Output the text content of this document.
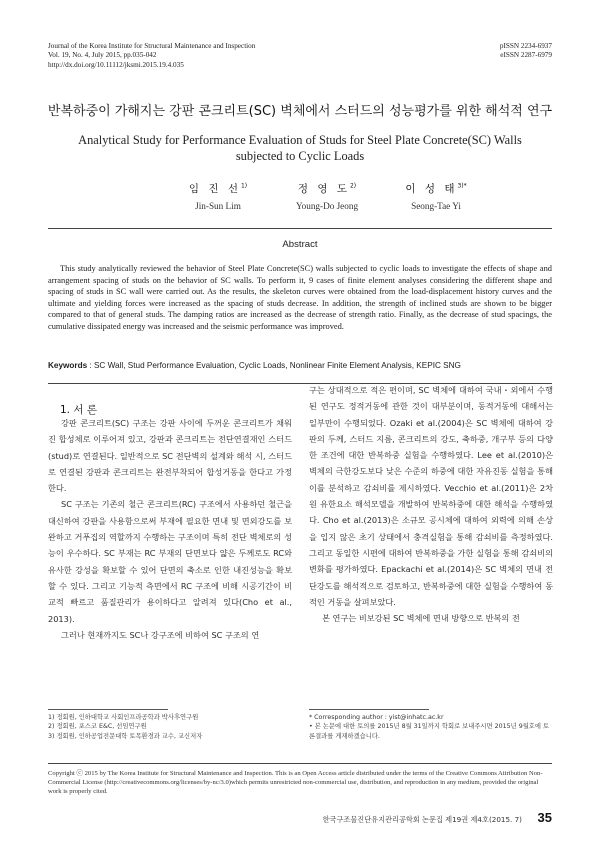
Journal of the Korea Institute for Structural Maintenance and Inspection
Vol. 19, No. 4, July 2015, pp.035-042
http://dx.doi.org/10.11112/jksmi.2015.19.4.035
pISSN 2234-6937
eISSN 2287-6979
반복하중이 가해지는 강판 콘크리트(SC) 벽체에서 스터드의 성능평가를 위한 해석적 연구
Analytical Study for Performance Evaluation of Studs for Steel Plate Concrete(SC) Walls
subjected to Cyclic Loads
임 진 선$^{1)}$
Jin-Sun Lim
정 영 도$^{2)}$
Young-Do Jeong
이 성 태$^{3)*}$
Seong-Tae Yi
Abstract

This study analytically reviewed the behavior of Steel Plate Concrete(SC) walls subjected to cyclic loads to investigate the effects of shape and arrangement spacing of studs on the behavior of SC walls. To perform it, 9 cases of finite element analyses considering the different shape and spacing of studs in SC wall were carried out. As the results, the skeleton curves were obtained from the load-displacement history curves and the ultimate and yielding forces were increased as the spacing of studs decrease. In addition, the strength of inclined studs are shown to be bigger compared to that of general studs. The damping ratios are increased as the decrease of strength ratio. Finally, as the decrease of stud spacings, the cumulative dissipated energy was increased and the seismic performance was improved.

Keywords : SC Wall, Stud Performance Evaluation, Cyclic Loads, Nonlinear Finite Element Analysis, KEPIC SNG
1. 서 론

강판 콘크리트(SC) 구조는 강판 사이에 두꺼운 콘크리트가 채워진 합성체로 이루어져 있고, 강판과 콘크리트는 전단연결재인 스터드(stud)로 연결된다. 일반적으로 SC 전단벽의 설계와 해석 시, 스터드로 연결된 강판과 콘크리트는 완전부착되어 합성거동을 한다고 가정한다.

SC 구조는 기존의 철근 콘크리트(RC) 구조에서 사용하던 철근을 대신하여 강판을 사용함으로써 부재에 필요한 면내 및 면외강도를 보완하고 거푸집의 역할까지 수행하는 구조이며 특히 전단 벽체로의 성능이 우수하다. SC 부재는 RC 부재의 단면보다 얇은 두께로도 RC와 유사한 강성을 확보할 수 있어 단면의 축소로 인한 내진성능을 확보할 수 있다. 그리고 기능적 측면에서 RC 구조에 비해 시공기간이 비교적 빠르고 품질관리가 용이하다고 알려져 있다(Cho et al., 2013).

그러나 현재까지도 SC나 강구조에 비하여 SC 구조의 연

구는 상대적으로 적은 편이며, SC 벽체에 대하여 국내・외에서 수행된 연구도 정적거동에 관한 것이 대부분이며, 동적거동에 대해서는 일부만이 수행되었다. Ozaki et al.(2004)은 SC 벽체에 대하여 강판의 두께, 스터드 지름, 콘크리트의 강도, 축하중, 개구부 등의 다양한 조건에 대한 반복하중 실험을 수행하였다. Lee et al.(2010)은 벽체의 극한강도보다 낮은 수준의 하중에 대한 자유진동 실험을 통해 이를 분석하고 감쇠비를 제시하였다. Vecchio et al.(2011)은 2차원 유한요소 해석모델을 개발하여 반복하중에 대한 해석을 수행하였다. Cho et al.(2013)은 소규모 공시체에 대하여 외력에 의해 손상을 입지 않은 초기 상태에서 충격실험을 통해 감쇠비를 측정하였다. 그리고 동일한 시편에 대하여 반복하중을 가한 실험을 통해 감쇠비의 변화를 평가하였다. Epackachi et al.(2014)은 SC 벽체의 면내 전단강도를 해석적으로 검토하고, 반복하중에 대한 실험을 수행하여 동적인 거동을 살펴보았다.

본 연구는 비보강된 SC 벽체에 면내 방향으로 반복의 전

1) 정회원, 인하대학교 사회인프라공학과 박사후연구원
2) 정회원, 포스코 E&C, 선임연구원
3) 정회원, 인하공업전문대학 토목환경과 교수, 교신저자
* Corresponding author : yist@inhatc.ac.kr
• 본 논문에 대한 토의를 2015년 8월 31일까지 학회로 보내주시면 2015년 9월호에 토론결과를 게재하겠습니다.
Copyright ⓒ 2015 by The Korea Institute for Structural Maintenance and Inspection. This is an Open Access article distributed under the terms of the Creative Commons Attribution Non-Commercial License (http://creativecommons.org/licenses/by-nc/3.0)which permits unrestricted non-commercial use, distribution, and reproduction in any medium, provided the original work is properly cited.
한국구조물진단유지관리공학회 논문집 제19권 제4호(2015. 7) 35
